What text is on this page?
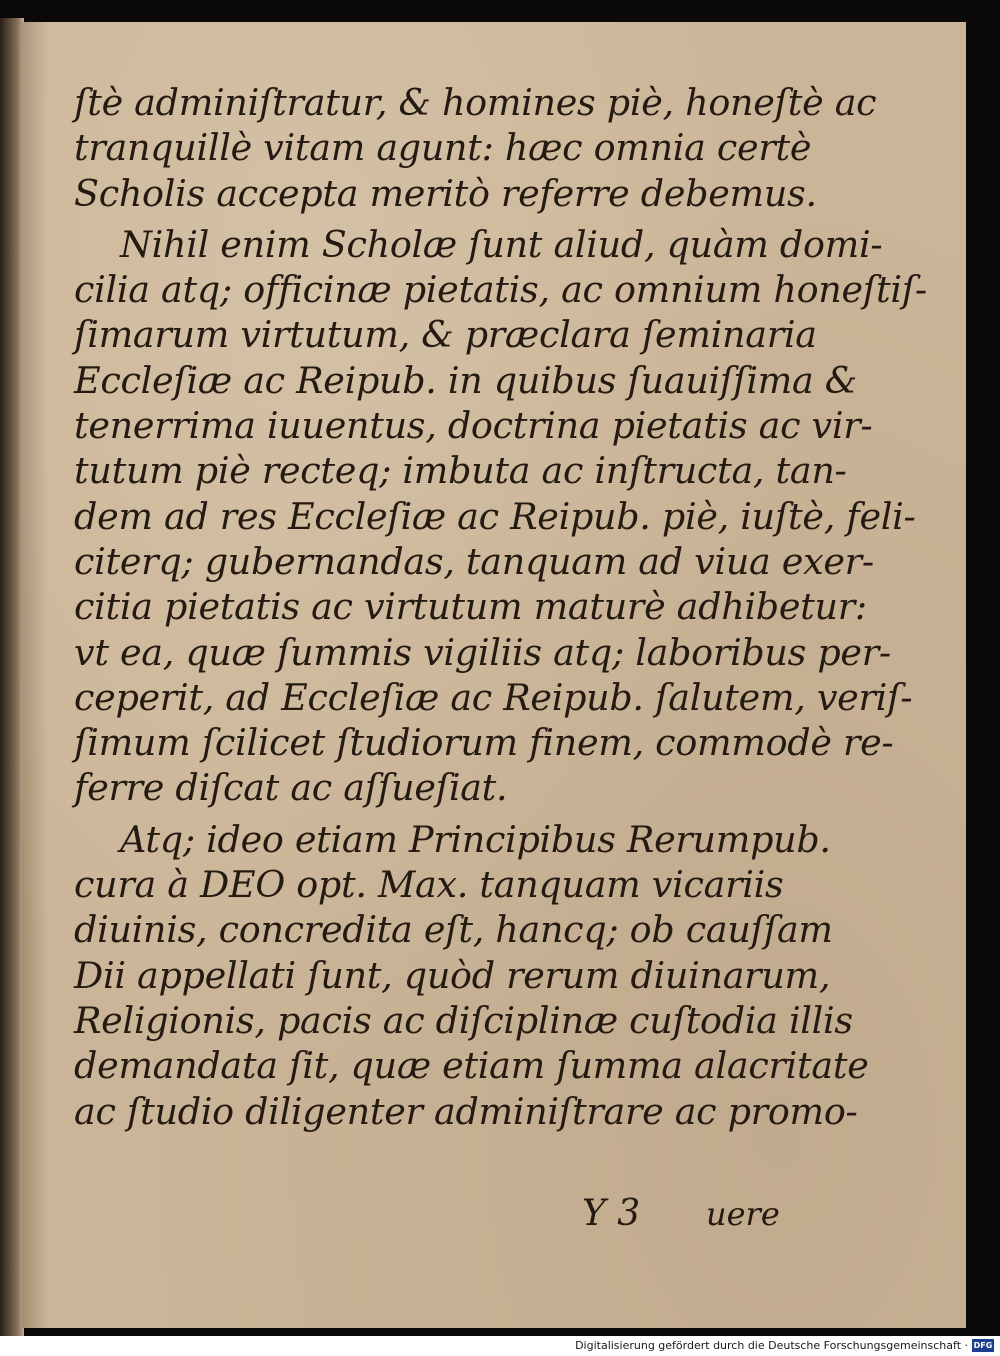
ſtè adminiſtratur, & homines piè, honeſtè ac
tranquillè vitam agunt: hæc omnia certè
Scholis accepta meritò referre debemus.
Nihil enim Scholæ ſunt aliud, quàm domi-
cilia atq; officinæ pietatis, ac omnium honeſtiſ-
ſimarum virtutum, & præclara ſeminaria
Eccleſiæ ac Reipub. in quibus ſuauiſſima &
tenerrima iuuentus, doctrina pietatis ac vir-
tutum piè recteq; imbuta ac inſtructa, tan-
dem ad res Eccleſiæ ac Reipub. piè, iuſtè, feli-
citerq; gubernandas, tanquam ad viua exer-
citia pietatis ac virtutum maturè adhibetur:
vt ea, quæ ſummis vigiliis atq; laboribus per-
ceperit, ad Eccleſiæ ac Reipub. ſalutem, veriſ-
ſimum ſcilicet ſtudiorum finem, commodè re-
ferre diſcat ac aſſueſiat.
Atq; ideo etiam Principibus Rerumpub.
cura à DEO opt. Max. tanquam vicariis
diuinis, concredita eſt, hancq; ob cauſſam
Dii appellati ſunt, quòd rerum diuinarum,
Religionis, pacis ac diſciplinæ cuſtodia illis
demandata ſit, quæ etiam ſumma alacritate
ac ſtudio diligenter adminiſtrare ac promo-
Y 3 uere
Digitalisierung gefördert durch die Deutsche Forschungsgemeinschaft · DFG
